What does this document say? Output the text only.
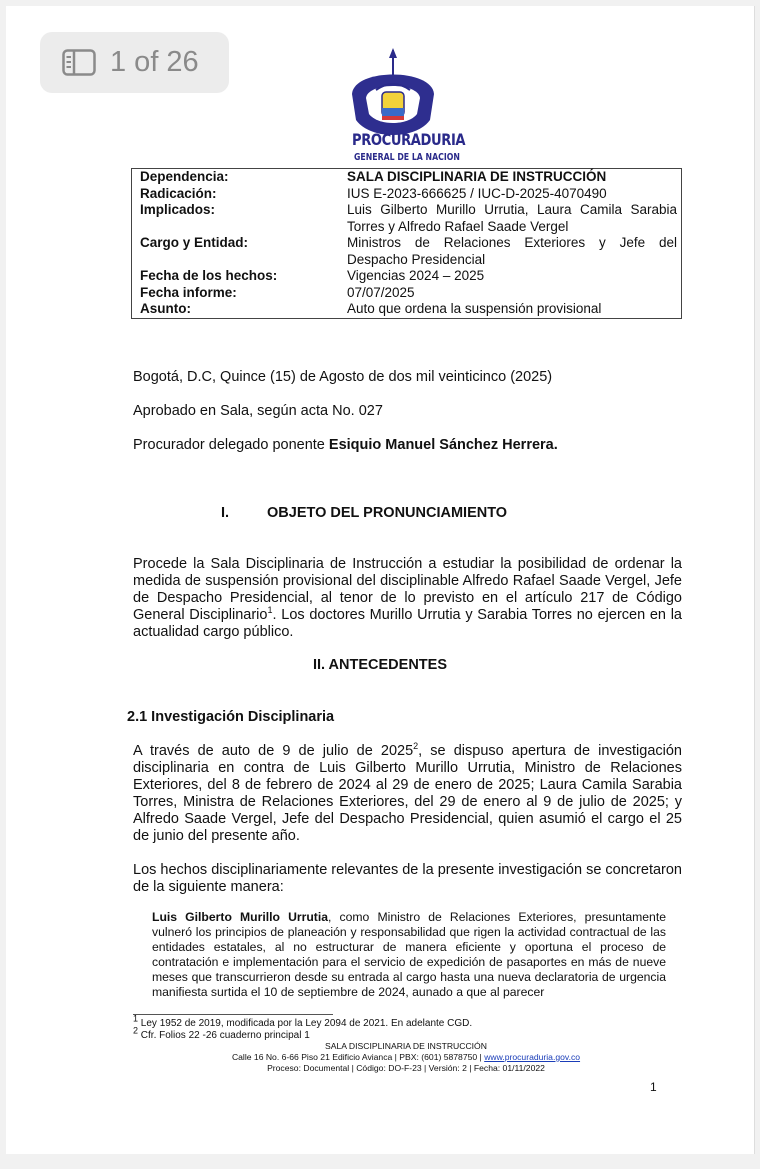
PROCURADURIA
GENERAL DE LA NACION
Dependencia:	SALA DISCIPLINARIA DE INSTRUCCIÓN
Radicación:	IUS E-2023-666625 / IUC-D-2025-4070490
Implicados:	Luis Gilberto Murillo Urrutia, Laura Camila Sarabia Torres y Alfredo Rafael Saade Vergel
Cargo y Entidad:	Ministros de Relaciones Exteriores y Jefe del Despacho Presidencial
Fecha de los hechos:	Vigencias 2024 – 2025
Fecha informe:	07/07/2025
Asunto:	Auto que ordena la suspensión provisional
Bogotá, D.C, Quince (15) de Agosto de dos mil veinticinco (2025)
Aprobado en Sala, según acta No. 027
Procurador delegado ponente Esiquio Manuel Sánchez Herrera.
I.	OBJETO DEL PRONUNCIAMIENTO
Procede la Sala Disciplinaria de Instrucción a estudiar la posibilidad de ordenar la medida de suspensión provisional del disciplinable Alfredo Rafael Saade Vergel, Jefe de Despacho Presidencial, al tenor de lo previsto en el artículo 217 de Código General Disciplinario$^1$. Los doctores Murillo Urrutia y Sarabia Torres no ejercen en la actualidad cargo público.
II. ANTECEDENTES
2.1 Investigación Disciplinaria
A través de auto de 9 de julio de 2025$^2$, se dispuso apertura de investigación disciplinaria en contra de Luis Gilberto Murillo Urrutia, Ministro de Relaciones Exteriores, del 8 de febrero de 2024 al 29 de enero de 2025; Laura Camila Sarabia Torres, Ministra de Relaciones Exteriores, del 29 de enero al 9 de julio de 2025; y Alfredo Saade Vergel, Jefe del Despacho Presidencial, quien asumió el cargo el 25 de junio del presente año.
Los hechos disciplinariamente relevantes de la presente investigación se concretaron de la siguiente manera:
Luis Gilberto Murillo Urrutia, como Ministro de Relaciones Exteriores, presuntamente vulneró los principios de planeación y responsabilidad que rigen la actividad contractual de las entidades estatales, al no estructurar de manera eficiente y oportuna el proceso de contratación e implementación para el servicio de expedición de pasaportes en más de nueve meses que transcurrieron desde su entrada al cargo hasta una nueva declaratoria de urgencia manifiesta surtida el 10 de septiembre de 2024, aunado a que al parecer
$^1$ Ley 1952 de 2019, modificada por la Ley 2094 de 2021. En adelante CGD.
$^2$ Cfr. Folios 22 -26 cuaderno principal 1
SALA DISCIPLINARIA DE INSTRUCCIÓN
Calle 16 No. 6-66 Piso 21 Edificio Avianca | PBX: (601) 5878750 | www.procuraduria.gov.co
Proceso: Documental | Código: DO-F-23 | Versión: 2 | Fecha: 01/11/2022
1
1 of 26
